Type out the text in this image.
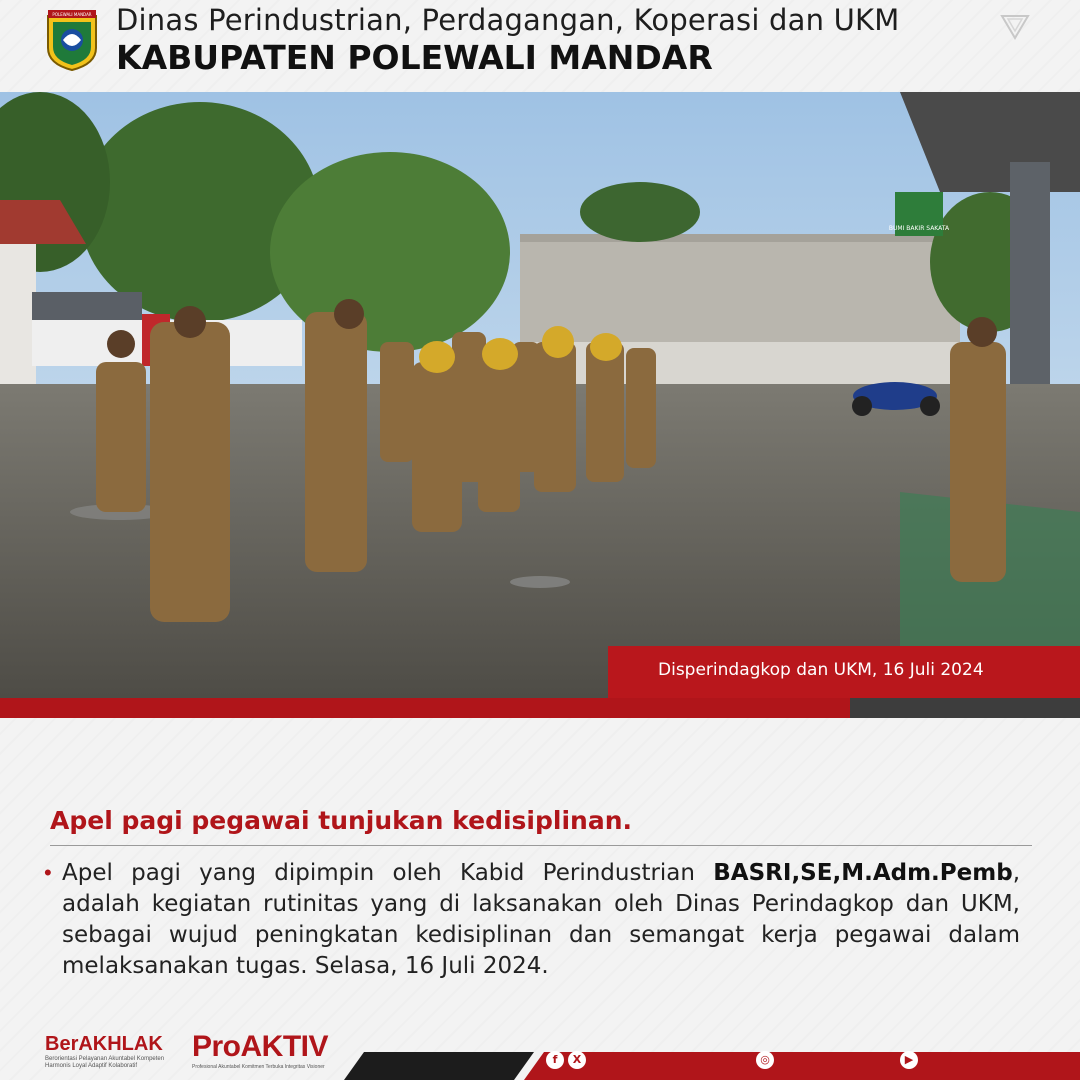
POLEWALI MANDAR Dinas Perindustrian, Perdagangan, Koperasi dan UKM
KABUPATEN POLEWALI MANDAR
BUMI BAKIR SAKATA
Disperindagkop dan UKM, 16 Juli 2024
Apel pagi pegawai tunjukan kedisiplinan.
• Apel pagi yang dipimpin oleh Kabid Perindustrian BASRI,SE,M.Adm.Pemb, adalah kegiatan rutinitas yang di laksanakan oleh Dinas Perindagkop dan UKM, sebagai wujud peningkatan kedisiplinan dan semangat kerja pegawai dalam melaksanakan tugas. Selasa, 16 Juli 2024.
BerAKHLAK
Berorientasi Pelayanan Akuntabel Kompeten
Harmonis Loyal Adaptif Kolaboratif
ProAKTIV
Profesional Akuntabel Komitmen Terbuka Integritas Visioner
f	X	◎	▶
